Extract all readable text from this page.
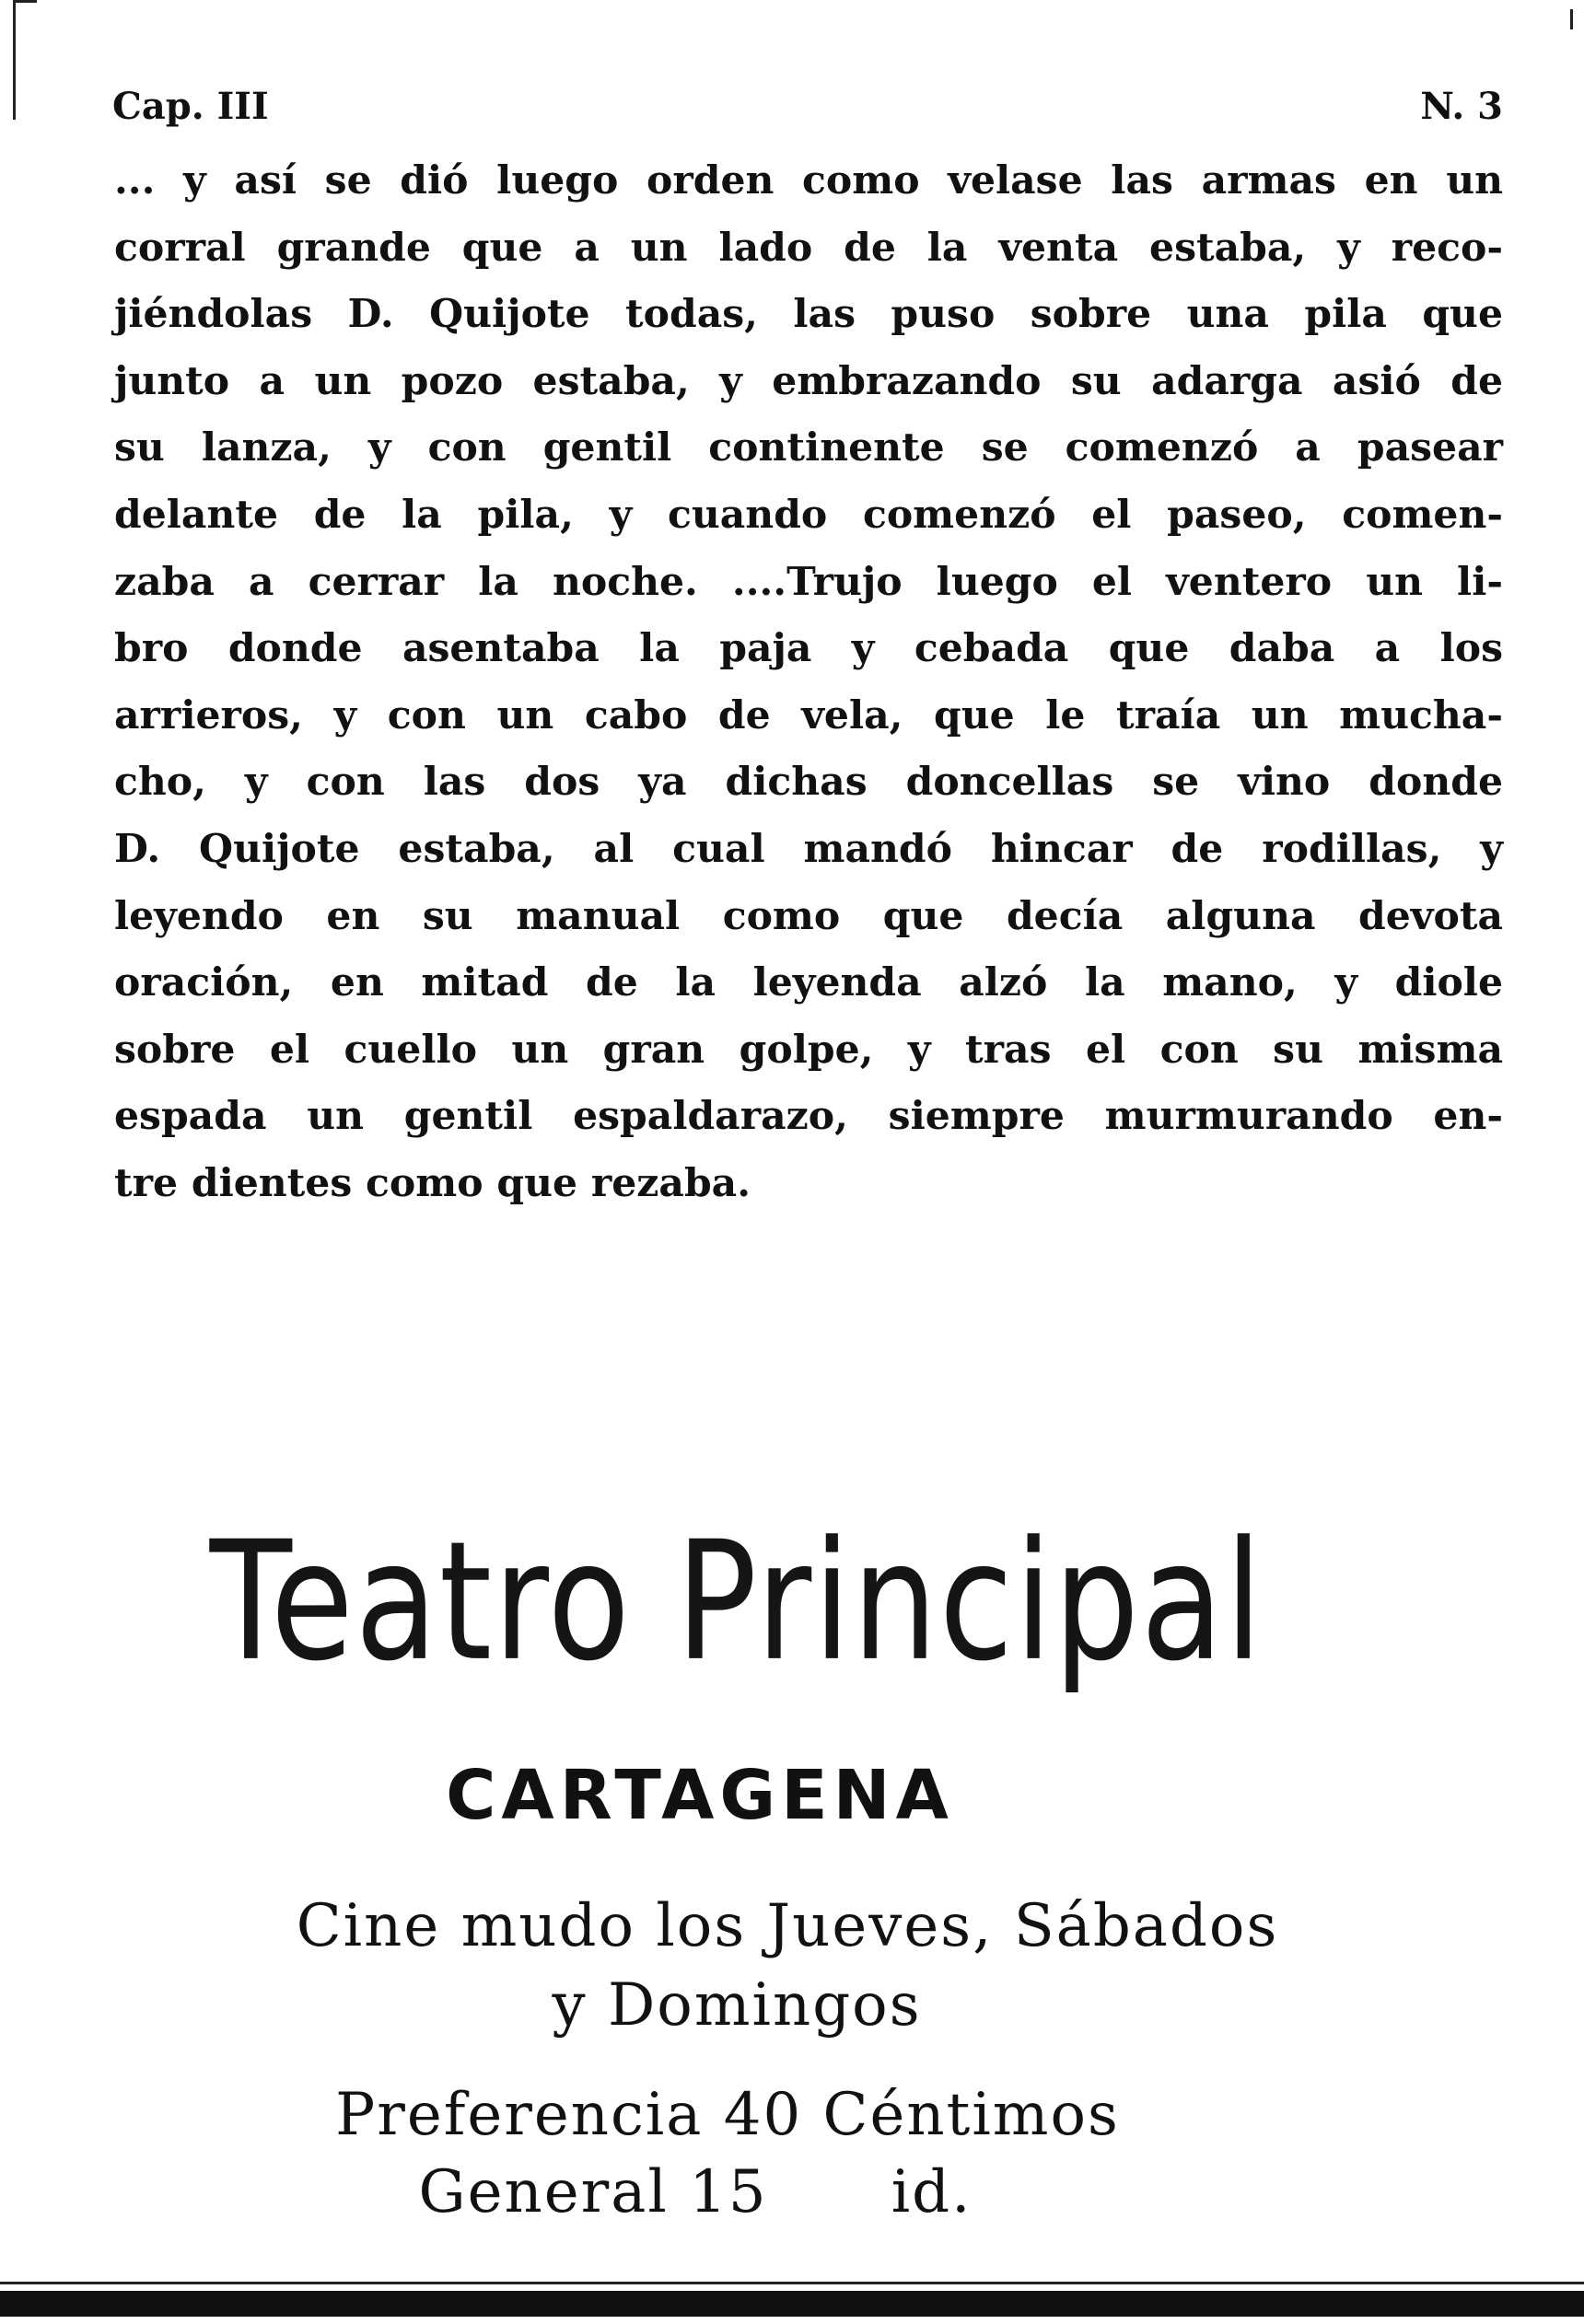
Cap. III	N. 3
... y así se dió luego orden como velase las armas en un
corral grande que a un lado de la venta estaba, y reco-
jiéndolas D. Quijote todas, las puso sobre una pila que
junto a un pozo estaba, y embrazando su adarga asió de
su lanza, y con gentil continente se comenzó a pasear
delante de la pila, y cuando comenzó el paseo, comen-
zaba a cerrar la noche. ....Trujo luego el ventero un li-
bro donde asentaba la paja y cebada que daba a los
arrieros, y con un cabo de vela, que le traía un mucha-
cho, y con las dos ya dichas doncellas se vino donde
D. Quijote estaba, al cual mandó hincar de rodillas, y
leyendo en su manual como que decía alguna devota
oración, en mitad de la leyenda alzó la mano, y diole
sobre el cuello un gran golpe, y tras el con su misma
espada un gentil espaldarazo, siempre murmurando en-
tre dientes como que rezaba.
Teatro Principal
CARTAGENA
Cine mudo los Jueves, Sábados
y Domingos
Preferencia 40 Céntimos
General 15      id.
